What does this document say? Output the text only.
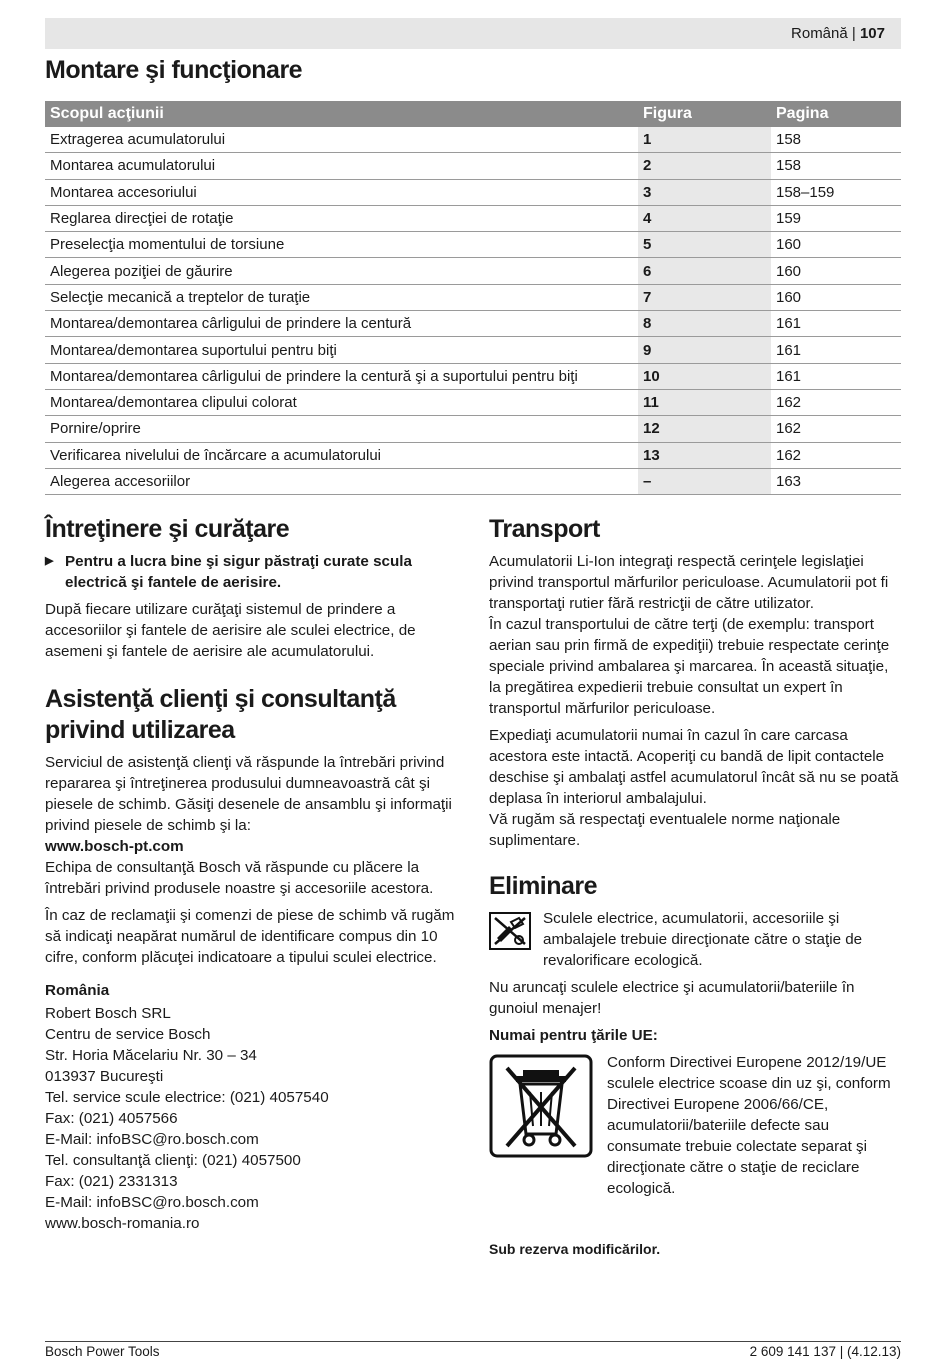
Română | 107
Montare şi funcţionare
Scopul acţiunii	Figura	Pagina
Extragerea acumulatorului	1	158
Montarea acumulatorului	2	158
Montarea accesoriului	3	158–159
Reglarea direcţiei de rotaţie	4	159
Preselecţia momentului de torsiune	5	160
Alegerea poziţiei de găurire	6	160
Selecţie mecanică a treptelor de turaţie	7	160
Montarea/demontarea cârligului de prindere la centură	8	161
Montarea/demontarea suportului pentru biţi	9	161
Montarea/demontarea cârligului de prindere la centură şi a suportului pentru biţi	10	161
Montarea/demontarea clipului colorat	11	162
Pornire/oprire	12	162
Verificarea nivelului de încărcare a acumulatorului	13	162
Alegerea accesoriilor	–	163
Întreţinere şi curăţare

▶ Pentru a lucra bine şi sigur păstraţi curate scula electrică şi fantele de aerisire.

După fiecare utilizare curăţaţi sistemul de prindere a accesoriilor şi fantele de aerisire ale sculei electrice, de asemeni şi fantele de aerisire ale acumulatorului.

Asistenţă clienţi şi consultanţă privind utilizarea

Serviciul de asistenţă clienţi vă răspunde la întrebări privind repararea şi întreţinerea produsului dumneavoastră cât şi piesele de schimb. Găsiţi desenele de ansamblu şi informaţii privind piesele de schimb şi la:

www.bosch-pt.com

Echipa de consultanţă Bosch vă răspunde cu plăcere la întrebări privind produsele noastre şi accesoriile acestora.

În caz de reclamaţii şi comenzi de piese de schimb vă rugăm să indicaţi neapărat numărul de identificare compus din 10 cifre, conform plăcuţei indicatoare a tipului sculei electrice.

România

Robert Bosch SRL
Centru de service Bosch
Str. Horia Măcelariu Nr. 30 – 34
013937 Bucureşti
Tel. service scule electrice: (021) 4057540
Fax: (021) 4057566
E-Mail: infoBSC@ro.bosch.com
Tel. consultanţă clienţi: (021) 4057500
Fax: (021) 2331313
E-Mail: infoBSC@ro.bosch.com
www.bosch-romania.ro
Transport

Acumulatorii Li-Ion integraţi respectă cerinţele legislaţiei privind transportul mărfurilor periculoase. Acumulatorii pot fi transportaţi rutier fără restricţii de către utilizator.

În cazul transportului de către terţi (de exemplu: transport aerian sau prin firmă de expediţii) trebuie respectate cerinţe speciale privind ambalarea şi marcarea. În această situaţie, la pregătirea expedierii trebuie consultat un expert în transportul mărfurilor periculoase.

Expediaţi acumulatorii numai în cazul în care carcasa acestora este intactă. Acoperiţi cu bandă de lipit contactele deschise şi ambalaţi astfel acumulatorul încât să nu se poată deplasa în interiorul ambalajului.

Vă rugăm să respectaţi eventualele norme naţionale suplimentare.

Eliminare

Sculele electrice, acumulatorii, accesoriile şi ambalajele trebuie direcţionate către o staţie de revalorificare ecologică.

Nu aruncaţi sculele electrice şi acumulatorii/bateriile în gunoiul menajer!

Numai pentru ţările UE:

Conform Directivei Europene 2012/19/UE sculele electrice scoase din uz şi, conform Directivei Europene 2006/66/CE, acumulatorii/bateriile defecte sau consumate trebuie colectate separat şi direcţionate către o staţie de reciclare ecologică.

Sub rezerva modificărilor.

Bosch Power Tools	2 609 141 137 | (4.12.13)
